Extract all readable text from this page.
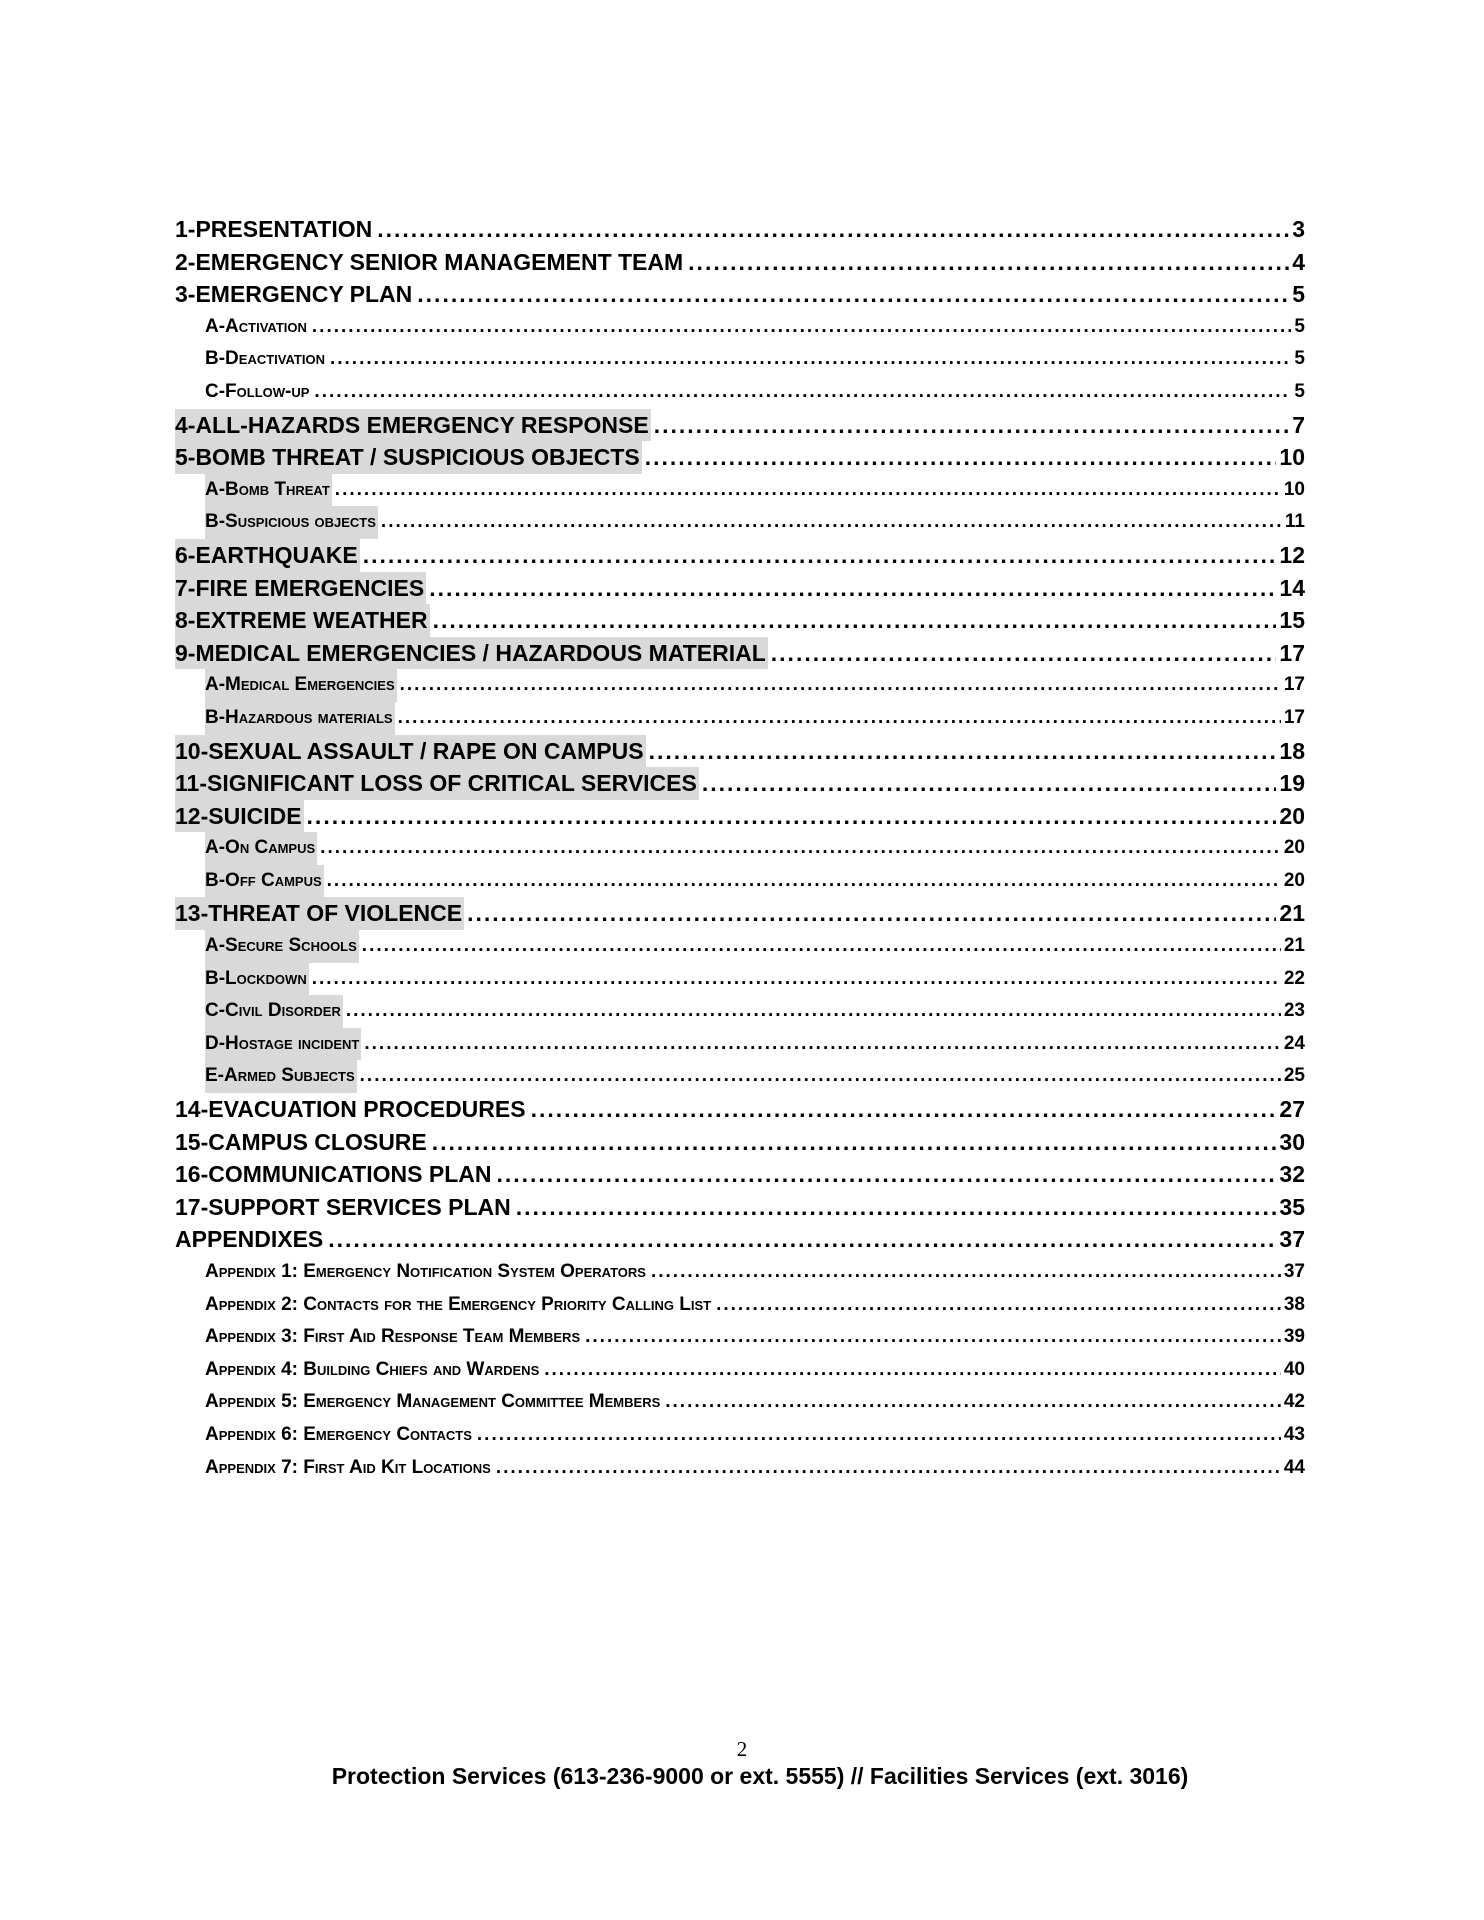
1-PRESENTATION .....	3
2-EMERGENCY SENIOR MANAGEMENT TEAM .....	4
3-EMERGENCY PLAN .....	5
A-Activation .....	5
B-Deactivation .....	5
C-Follow-up .....	5
4-ALL-HAZARDS EMERGENCY RESPONSE .....	7
5-BOMB THREAT / SUSPICIOUS OBJECTS .....	10
A-Bomb Threat .....	10
B-Suspicious objects .....	11
6-EARTHQUAKE .....	12
7-FIRE EMERGENCIES .....	14
8-EXTREME WEATHER .....	15
9-MEDICAL EMERGENCIES / HAZARDOUS MATERIAL .....	17
A-Medical Emergencies .....	17
B-Hazardous materials .....	17
10-SEXUAL ASSAULT / RAPE ON CAMPUS .....	18
11-SIGNIFICANT LOSS OF CRITICAL SERVICES .....	19
12-SUICIDE .....	20
A-On Campus .....	20
B-Off Campus .....	20
13-THREAT OF VIOLENCE .....	21
A-Secure Schools .....	21
B-Lockdown .....	22
C-Civil Disorder .....	23
D-Hostage incident .....	24
E-Armed Subjects .....	25
14-EVACUATION PROCEDURES .....	27
15-CAMPUS CLOSURE .....	30
16-COMMUNICATIONS PLAN .....	32
17-SUPPORT SERVICES PLAN .....	35
APPENDIXES .....	37
Appendix 1: Emergency Notification System Operators .....	37
Appendix 2: Contacts for the Emergency Priority Calling List .....	38
Appendix 3: First Aid Response Team Members .....	39
Appendix 4: Building Chiefs and Wardens .....	40
Appendix 5: Emergency Management Committee Members .....	42
Appendix 6: Emergency Contacts .....	43
Appendix 7: First Aid Kit Locations .....	44
2
Protection Services (613-236-9000 or ext. 5555) // Facilities Services (ext. 3016)
